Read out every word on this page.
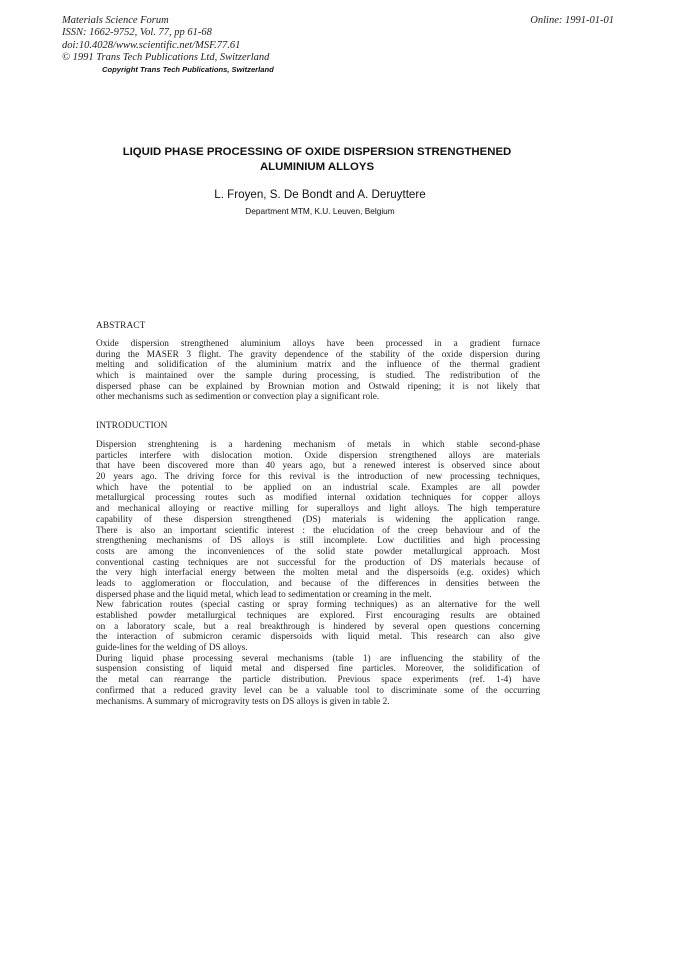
Materials Science Forum
ISSN: 1662-9752, Vol. 77, pp 61-68
doi:10.4028/www.scientific.net/MSF.77.61
© 1991 Trans Tech Publications Ltd, Switzerland
Copyright Trans Tech Publications, Switzerland
Online: 1991-01-01
LIQUID PHASE PROCESSING OF OXIDE DISPERSION STRENGTHENED
ALUMINIUM ALLOYS
L. Froyen, S. De Bondt and A. Deruyttere
Department MTM, K.U. Leuven, Belgium
ABSTRACT
Oxide dispersion strengthened aluminium alloys have been processed in a gradient furnace
during the MASER 3 flight. The gravity dependence of the stability of the oxide dispersion during
melting and solidification of the aluminium matrix and the influence of the thermal gradient
which is maintained over the sample during processing, is studied. The redistribution of the
dispersed phase can be explained by Brownian motion and Ostwald ripening; it is not likely that
other mechanisms such as sedimention or convection play a significant role.
INTRODUCTION
Dispersion strenghtening is a hardening mechanism of metals in which stable second-phase
particles interfere with dislocation motion. Oxide dispersion strengthened alloys are materials
that have been discovered more than 40 years ago, but a renewed interest is observed since about
20 years ago. The driving force for this revival is the introduction of new processing techniques,
which have the potential to be applied on an industrial scale. Examples are all powder
metallurgical processing routes such as modified internal oxidation techniques for copper alloys
and mechanical alloying or reactive milling for superalloys and light alloys. The high temperature
capability of these dispersion strengthened (DS) materials is widening the application range.
There is also an important scientific interest : the elucidation of the creep behaviour and of the
strengthening mechanisms of DS alloys is still incomplete. Low ductilities and high processing
costs are among the inconveniences of the solid state powder metallurgical approach. Most
conventional casting techniques are not successful for the production of DS materials because of
the very high interfacial energy between the molten metal and the dispersoids (e.g. oxides) which
leads to agglomeration or flocculation, and because of the differences in densities between the
dispersed phase and the liquid metal, which lead to sedimentation or creaming in the melt.
New fabrication routes (special casting or spray forming techniques) as an alternative for the well
established powder metallurgical techniques are explored. First encouraging results are obtained
on a laboratory scale, but a real breakthrough is hindered by several open questions concerning
the interaction of submicron ceramic dispersoids with liquid metal. This research can also give
guide-lines for the welding of DS alloys.
During liquid phase processing several mechanisms (table 1) are influencing the stability of the
suspension consisting of liquid metal and dispersed fine particles. Moreover, the solidification of
the metal can rearrange the particle distribution. Previous space experiments (ref. 1-4) have
confirmed that a reduced gravity level can be a valuable tool to discriminate some of the occurring
mechanisms. A summary of microgravity tests on DS alloys is given in table 2.
